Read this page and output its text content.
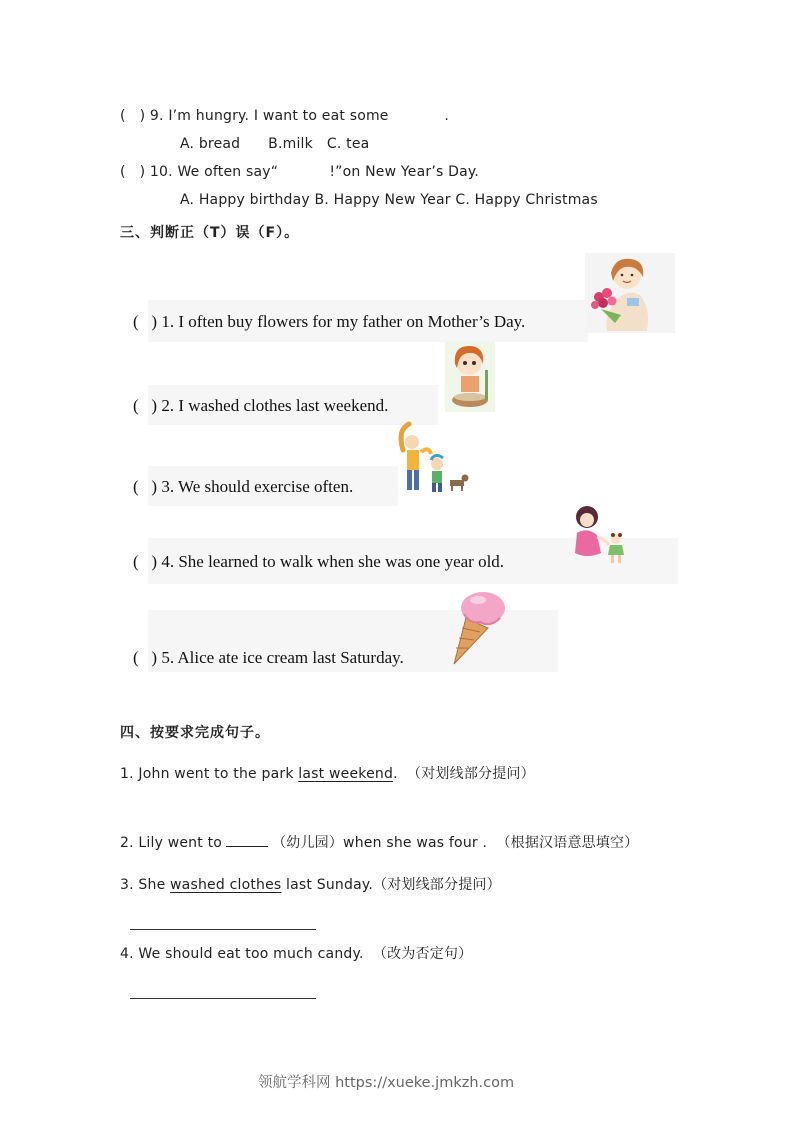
(   ) 9. I’m hungry. I want to eat some            .
A. bread      B.milk   C. tea
(   ) 10. We often say“           !”on New Year’s Day.
A. Happy birthday B. Happy New Year C. Happy Christmas
三、判断正（T）误（F）。
(   ) 1. I often buy flowers for my father on Mother’s Day.
(   ) 2. I washed clothes last weekend.
(   ) 3. We should exercise often.
(   ) 4. She learned to walk when she was one year old.
(   ) 5. Alice ate ice cream last Saturday.
四、按要求完成句子。
1. John went to the park last weekend.  （对划线部分提问）
2. Lily went to	（幼儿园）when she was four .  （根据汉语意思填空）
3. She washed clothes last Sunday.（对划线部分提问）
4. We should eat too much candy.  （改为否定句）
领航学科网 https://xueke.jmkzh.com
